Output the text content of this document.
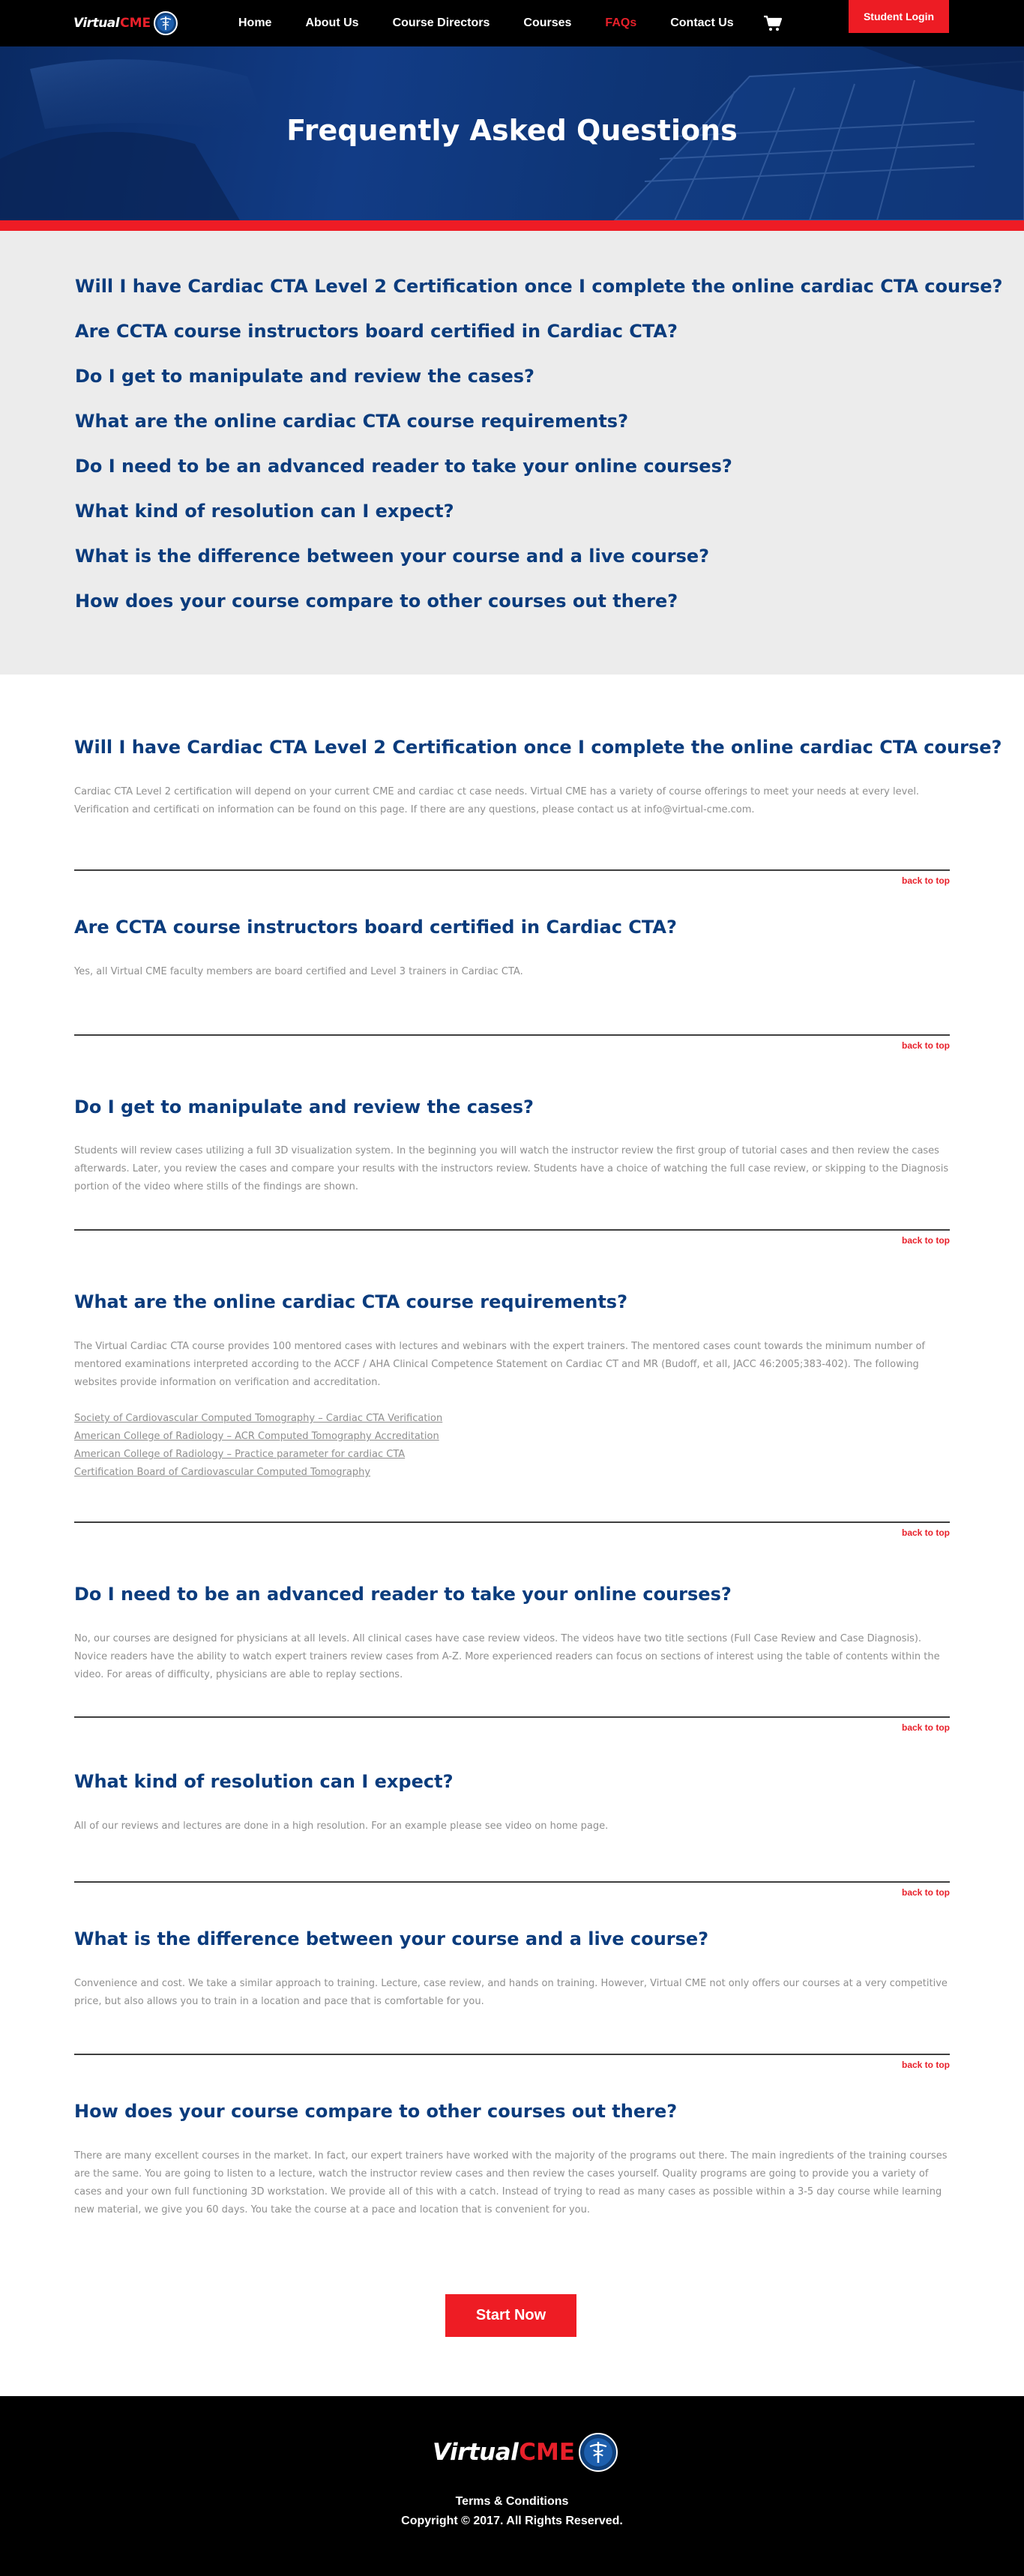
Virtual CME	Home	About Us	Course Directors	Courses	FAQs	Contact Us	Student Login
Frequently Asked Questions
Will I have Cardiac CTA Level 2 Certification once I complete the online cardiac CTA course?
Are CCTA course instructors board certified in Cardiac CTA?
Do I get to manipulate and review the cases?
What are the online cardiac CTA course requirements?
Do I need to be an advanced reader to take your online courses?
What kind of resolution can I expect?
What is the difference between your course and a live course?
How does your course compare to other courses out there?
Will I have Cardiac CTA Level 2 Certification once I complete the online cardiac CTA course?
Cardiac CTA Level 2 certification will depend on your current CME and cardiac ct case needs. Virtual CME has a variety of course offerings to meet your needs at every level. Verification and certificati on information can be found on this page. If there are any questions, please contact us at info@virtual-cme.com.
back to top
Are CCTA course instructors board certified in Cardiac CTA?
Yes, all Virtual CME faculty members are board certified and Level 3 trainers in Cardiac CTA.
back to top
Do I get to manipulate and review the cases?
Students will review cases utilizing a full 3D visualization system. In the beginning you will watch the instructor review the first group of tutorial cases and then review the cases afterwards. Later, you review the cases and compare your results with the instructors review. Students have a choice of watching the full case review, or skipping to the Diagnosis portion of the video where stills of the findings are shown.
back to top
What are the online cardiac CTA course requirements?
The Virtual Cardiac CTA course provides 100 mentored cases with lectures and webinars with the expert trainers. The mentored cases count towards the minimum number of mentored examinations interpreted according to the ACCF / AHA Clinical Competence Statement on Cardiac CT and MR (Budoff, et all, JACC 46:2005;383-402). The following websites provide information on verification and accreditation.
Society of Cardiovascular Computed Tomography – Cardiac CTA Verification
American College of Radiology – ACR Computed Tomography Accreditation
American College of Radiology – Practice parameter for cardiac CTA
Certification Board of Cardiovascular Computed Tomography
back to top
Do I need to be an advanced reader to take your online courses?
No, our courses are designed for physicians at all levels. All clinical cases have case review videos. The videos have two title sections (Full Case Review and Case Diagnosis). Novice readers have the ability to watch expert trainers review cases from A-Z. More experienced readers can focus on sections of interest using the table of contents within the video. For areas of difficulty, physicians are able to replay sections.
back to top
What kind of resolution can I expect?
All of our reviews and lectures are done in a high resolution. For an example please see video on home page.
back to top
What is the difference between your course and a live course?
Convenience and cost. We take a similar approach to training. Lecture, case review, and hands on training. However, Virtual CME not only offers our courses at a very competitive price, but also allows you to train in a location and pace that is comfortable for you.
back to top
How does your course compare to other courses out there?
There are many excellent courses in the market. In fact, our expert trainers have worked with the majority of the programs out there. The main ingredients of the training courses are the same. You are going to listen to a lecture, watch the instructor review cases and then review the cases yourself. Quality programs are going to provide you a variety of cases and your own full functioning 3D workstation. We provide all of this with a catch. Instead of trying to read as many cases as possible within a 3-5 day course while learning new material, we give you 60 days. You take the course at a pace and location that is convenient for you.
Start Now
Virtual CME
Terms & Conditions
Copyright © 2017. All Rights Reserved.
